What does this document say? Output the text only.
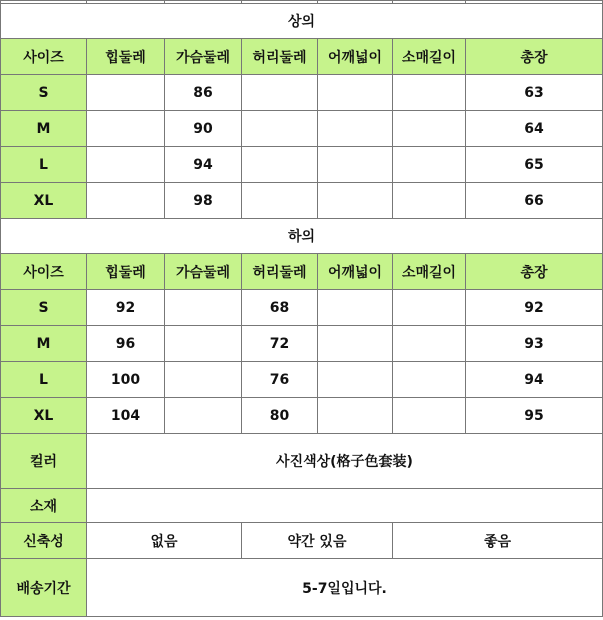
상의						
사이즈	힙둘레	가슴둘레	허리둘레	어깨넓이	소매길이	총장
S		86				63
M		90				64
L		94				65
XL		98				66
하의						
사이즈	힙둘레	가슴둘레	허리둘레	어깨넓이	소매길이	총장
S	92		68			92
M	96		72			93
L	100		76			94
XL	104		80			95
컬러	사진색상(格子色套装)					
소재						
신축성	없음		약간 있음		좋음	
배송기간	5-7일입니다.					
